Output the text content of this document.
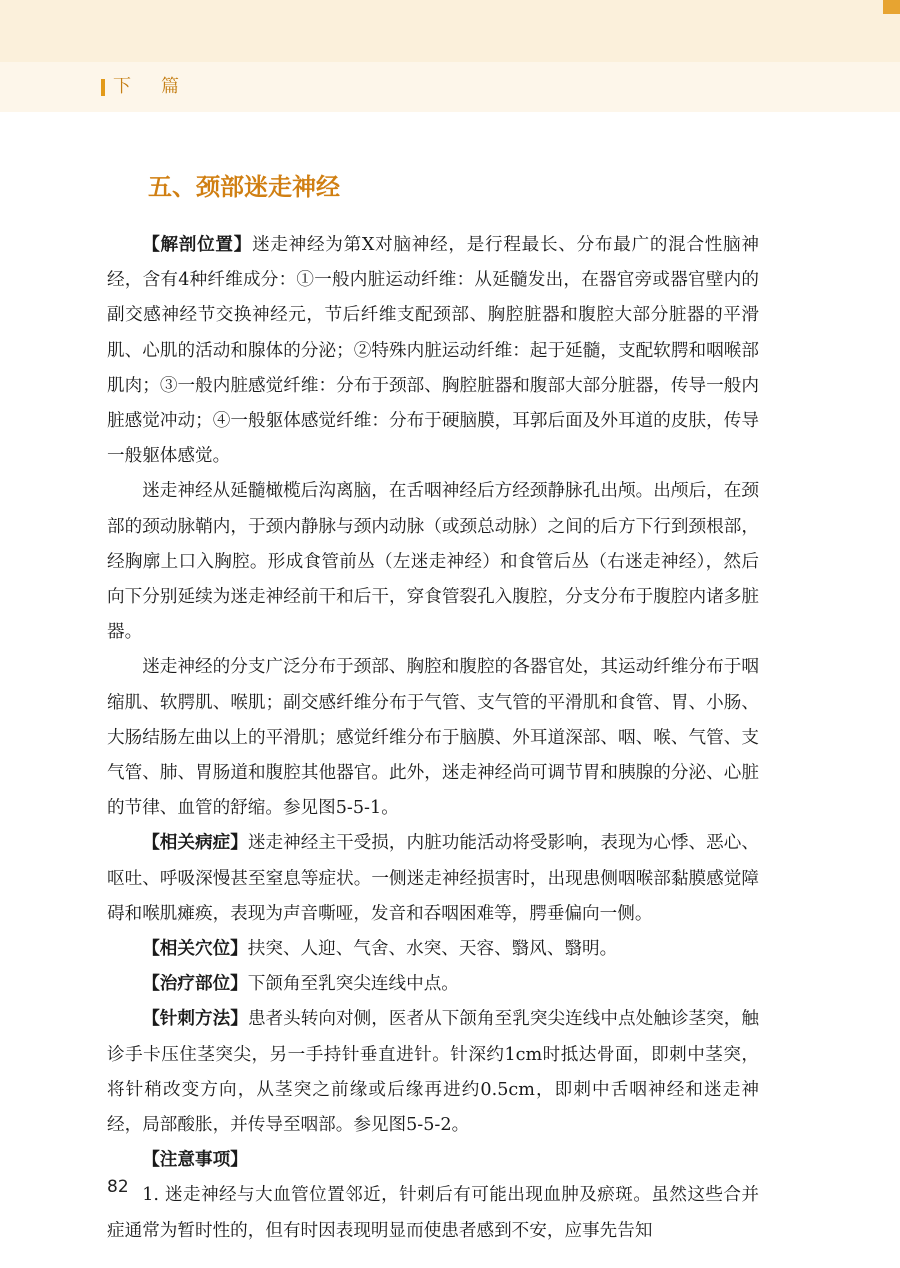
下篇
五、颈部迷走神经

【解剖位置】迷走神经为第Ⅹ对脑神经，是行程最长、分布最广的混合性脑神经，含有4种纤维成分：①一般内脏运动纤维：从延髓发出，在器官旁或器官壁内的副交感神经节交换神经元，节后纤维支配颈部、胸腔脏器和腹腔大部分脏器的平滑肌、心肌的活动和腺体的分泌；②特殊内脏运动纤维：起于延髓，支配软腭和咽喉部肌肉；③一般内脏感觉纤维：分布于颈部、胸腔脏器和腹部大部分脏器，传导一般内脏感觉冲动；④一般躯体感觉纤维：分布于硬脑膜，耳郭后面及外耳道的皮肤，传导一般躯体感觉。

迷走神经从延髓橄榄后沟离脑，在舌咽神经后方经颈静脉孔出颅。出颅后，在颈部的颈动脉鞘内，于颈内静脉与颈内动脉（或颈总动脉）之间的后方下行到颈根部，经胸廓上口入胸腔。形成食管前丛（左迷走神经）和食管后丛（右迷走神经），然后向下分别延续为迷走神经前干和后干，穿食管裂孔入腹腔，分支分布于腹腔内诸多脏器。

迷走神经的分支广泛分布于颈部、胸腔和腹腔的各器官处，其运动纤维分布于咽缩肌、软腭肌、喉肌；副交感纤维分布于气管、支气管的平滑肌和食管、胃、小肠、大肠结肠左曲以上的平滑肌；感觉纤维分布于脑膜、外耳道深部、咽、喉、气管、支气管、肺、胃肠道和腹腔其他器官。此外，迷走神经尚可调节胃和胰腺的分泌、心脏的节律、血管的舒缩。参见图5-5-1。

【相关病症】迷走神经主干受损，内脏功能活动将受影响，表现为心悸、恶心、呕吐、呼吸深慢甚至窒息等症状。一侧迷走神经损害时，出现患侧咽喉部黏膜感觉障碍和喉肌瘫痪，表现为声音嘶哑，发音和吞咽困难等，腭垂偏向一侧。

【相关穴位】扶突、人迎、气舍、水突、天容、翳风、翳明。

【治疗部位】下颌角至乳突尖连线中点。

【针刺方法】患者头转向对侧，医者从下颌角至乳突尖连线中点处触诊茎突，触诊手卡压住茎突尖，另一手持针垂直进针。针深约1cm时抵达骨面，即刺中茎突，将针稍改变方向，从茎突之前缘或后缘再进约0.5cm，即刺中舌咽神经和迷走神经，局部酸胀，并传导至咽部。参见图5-5-2。

【注意事项】

1. 迷走神经与大血管位置邻近，针刺后有可能出现血肿及瘀斑。虽然这些合并症通常为暂时性的，但有时因表现明显而使患者感到不安，应事先告知

82
